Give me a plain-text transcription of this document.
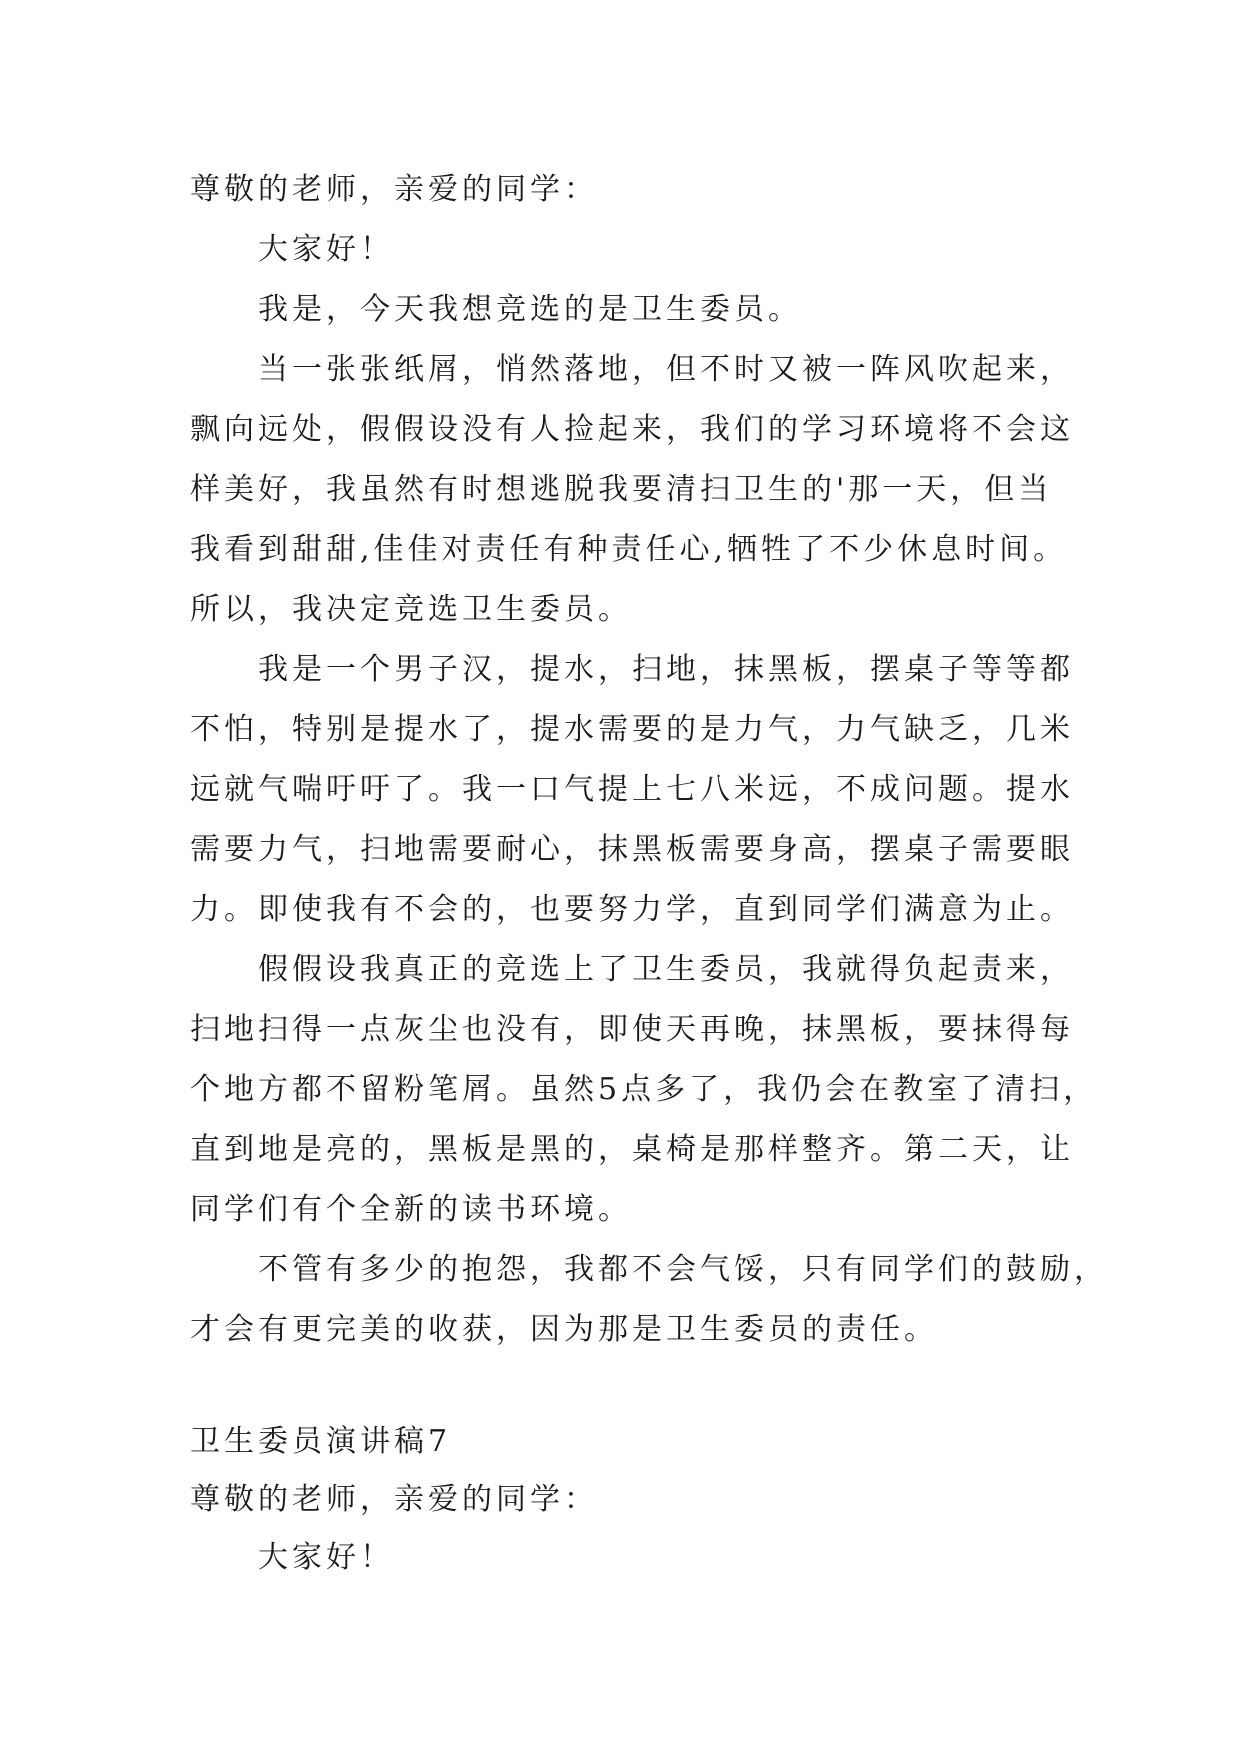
尊敬的老师，亲爱的同学：
大家好！
我是，今天我想竞选的是卫生委员。
当一张张纸屑，悄然落地，但不时又被一阵风吹起来，
飘向远处，假假设没有人捡起来，我们的学习环境将不会这
样美好，我虽然有时想逃脱我要清扫卫生的'那一天，但当
我看到甜甜,佳佳对责任有种责任心,牺牲了不少休息时间。
所以，我决定竞选卫生委员。
我是一个男子汉，提水，扫地，抹黑板，摆桌子等等都
不怕，特别是提水了，提水需要的是力气，力气缺乏，几米
远就气喘吁吁了。我一口气提上七八米远，不成问题。提水
需要力气，扫地需要耐心，抹黑板需要身高，摆桌子需要眼
力。即使我有不会的，也要努力学，直到同学们满意为止。
假假设我真正的竞选上了卫生委员，我就得负起责来，
扫地扫得一点灰尘也没有，即使天再晚，抹黑板，要抹得每
个地方都不留粉笔屑。虽然5点多了，我仍会在教室了清扫，
直到地是亮的，黑板是黑的，桌椅是那样整齐。第二天，让
同学们有个全新的读书环境。
不管有多少的抱怨，我都不会气馁，只有同学们的鼓励，
才会有更完美的收获，因为那是卫生委员的责任。
卫生委员演讲稿7
尊敬的老师，亲爱的同学：
大家好！
